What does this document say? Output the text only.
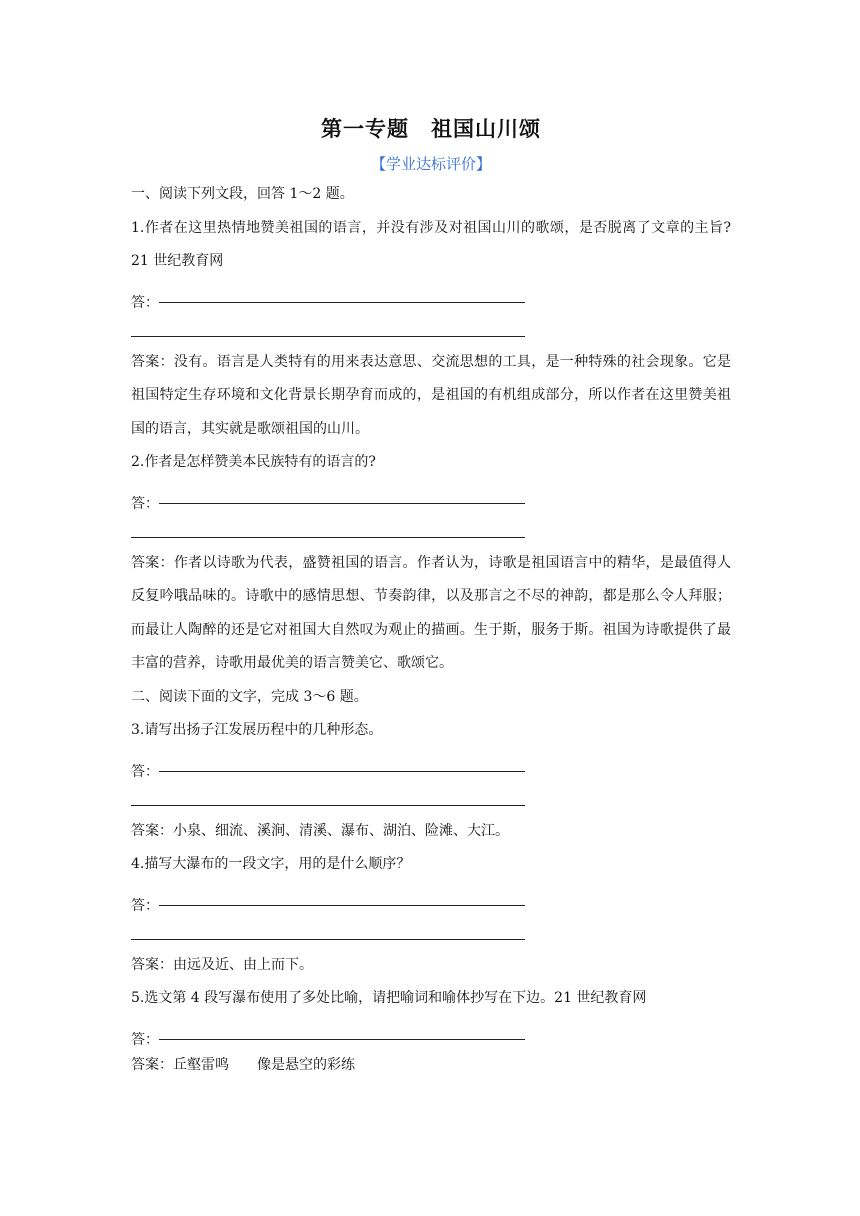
第一专题　祖国山川颂
【学业达标评价】

一、阅读下列文段，回答 1～2 题。

1.作者在这里热情地赞美祖国的语言，并没有涉及对祖国山川的歌颂，是否脱离了文章的主旨? 21 世纪教育网

答：

答案：没有。语言是人类特有的用来表达意思、交流思想的工具，是一种特殊的社会现象。它是祖国特定生存环境和文化背景长期孕育而成的，是祖国的有机组成部分，所以作者在这里赞美祖国的语言，其实就是歌颂祖国的山川。

2.作者是怎样赞美本民族特有的语言的?

答：

答案：作者以诗歌为代表，盛赞祖国的语言。作者认为，诗歌是祖国语言中的精华，是最值得人反复吟哦品味的。诗歌中的感情思想、节奏韵律，以及那言之不尽的神韵，都是那么令人拜服；而最让人陶醉的还是它对祖国大自然叹为观止的描画。生于斯，服务于斯。祖国为诗歌提供了最丰富的营养，诗歌用最优美的语言赞美它、歌颂它。

二、阅读下面的文字，完成 3～6 题。

3.请写出扬子江发展历程中的几种形态。

答：

答案：小泉、细流、溪涧、清溪、瀑布、湖泊、险滩、大江。

4.描写大瀑布的一段文字，用的是什么顺序？

答：

答案：由远及近、由上而下。

5.选文第 4 段写瀑布使用了多处比喻，请把喻词和喻体抄写在下边。21 世纪教育网

答：

答案：丘壑雷鸣　　像是悬空的彩练
